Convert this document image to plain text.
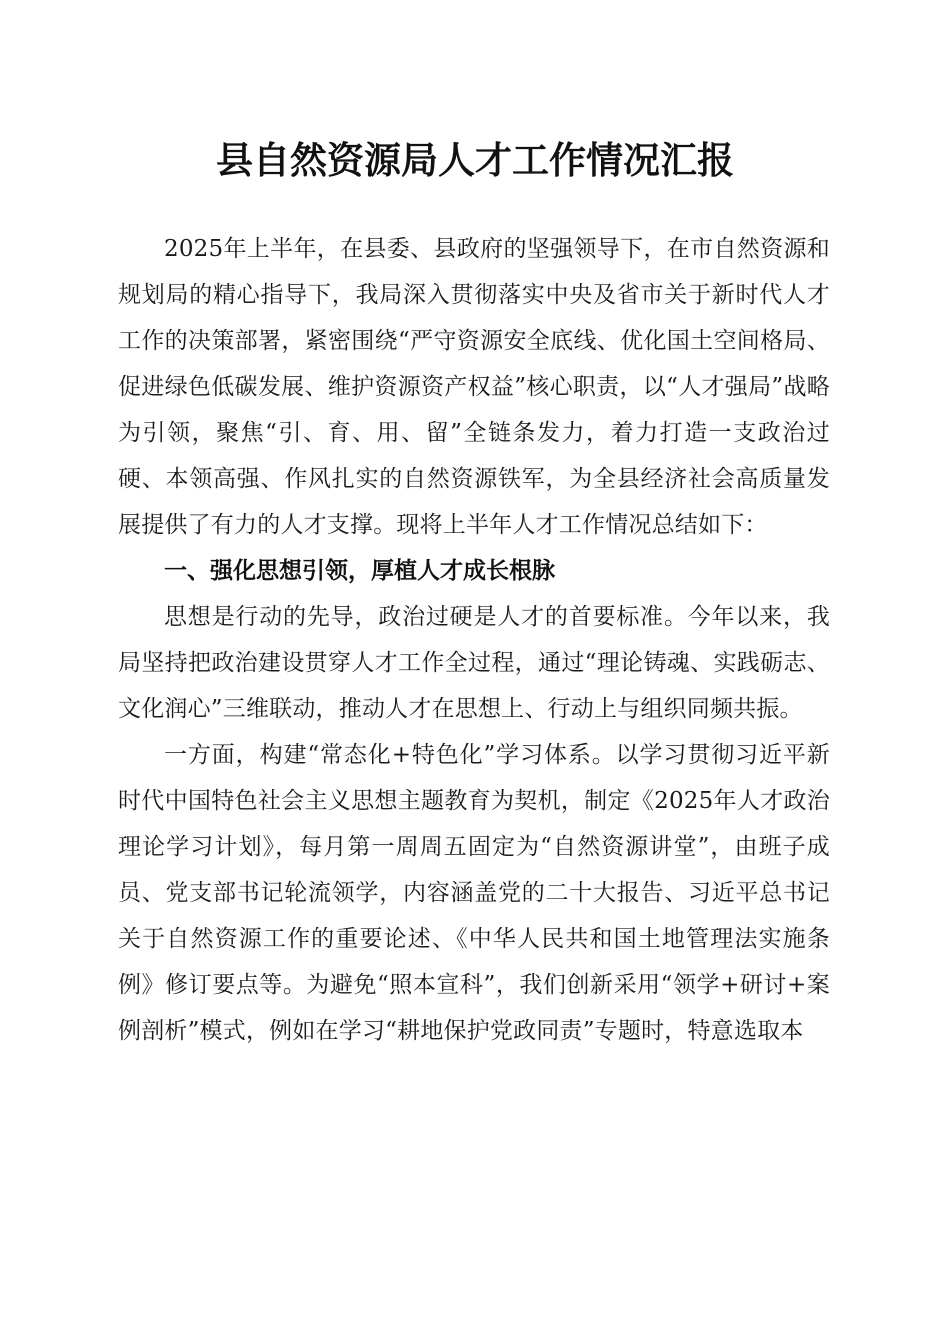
县自然资源局人才工作情况汇报

2025年上半年，在县委、县政府的坚强领导下，在市自然资源和规划局的精心指导下，我局深入贯彻落实中央及省市关于新时代人才工作的决策部署，紧密围绕“严守资源安全底线、优化国土空间格局、促进绿色低碳发展、维护资源资产权益”核心职责，以“人才强局”战略为引领，聚焦“引、育、用、留”全链条发力，着力打造一支政治过硬、本领高强、作风扎实的自然资源铁军，为全县经济社会高质量发展提供了有力的人才支撑。现将上半年人才工作情况总结如下：

一、强化思想引领，厚植人才成长根脉

思想是行动的先导，政治过硬是人才的首要标准。今年以来，我局坚持把政治建设贯穿人才工作全过程，通过“理论铸魂、实践砺志、文化润心”三维联动，推动人才在思想上、行动上与组织同频共振。

一方面，构建“常态化+特色化”学习体系。以学习贯彻习近平新时代中国特色社会主义思想主题教育为契机，制定《2025年人才政治理论学习计划》，每月第一周周五固定为“自然资源讲堂”，由班子成员、党支部书记轮流领学，内容涵盖党的二十大报告、习近平总书记关于自然资源工作的重要论述、《中华人民共和国土地管理法实施条例》修订要点等。为避免“照本宣科”，我们创新采用“领学+研讨+案例剖析”模式，例如在学习“耕地保护党政同责”专题时，特意选取本
